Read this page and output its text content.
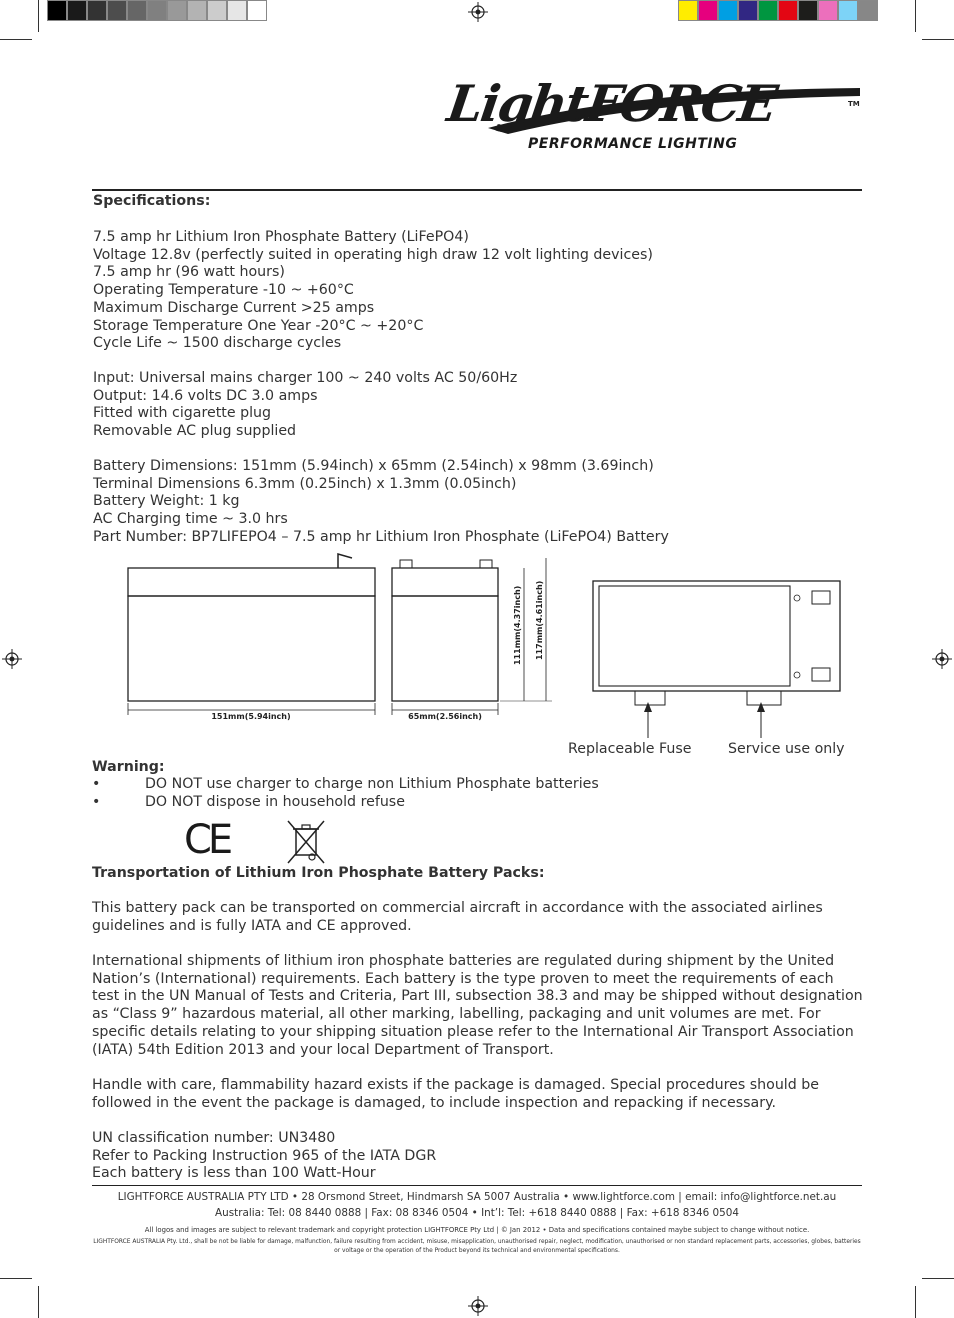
LightFORCE	TM
PERFORMANCE LIGHTING
Specifications:
7.5 amp hr Lithium Iron Phosphate Battery (LiFePO4)
Voltage 12.8v (perfectly suited in operating high draw 12 volt lighting devices)
7.5 amp hr (96 watt hours)
Operating Temperature -10 ~ +60°C
Maximum Discharge Current >25 amps
Storage Temperature One Year -20°C ~ +20°C
Cycle Life ~ 1500 discharge cycles
Input: Universal mains charger 100 ~ 240 volts AC 50/60Hz
Output: 14.6 volts DC 3.0 amps
Fitted with cigarette plug
Removable AC plug supplied
Battery Dimensions: 151mm (5.94inch) x 65mm (2.54inch) x 98mm (3.69inch)
Terminal Dimensions 6.3mm (0.25inch) x 1.3mm (0.05inch)
Battery Weight: 1 kg
AC Charging time ~ 3.0 hrs
Part Number: BP7LIFEPO4 – 7.5 amp hr Lithium Iron Phosphate (LiFePO4) Battery
151mm(5.94inch)	65mm(2.56inch)
111mm(4.37inch) 117mm(4.61inch)
Replaceable Fuse	Service use only
Warning:
•	DO NOT use charger to charge non Lithium Phosphate batteries
•	DO NOT dispose in household refuse
CE
Transportation of Lithium Iron Phosphate Battery Packs:
This battery pack can be transported on commercial aircraft in accordance with the associated airlines guidelines and is fully IATA and CE approved.
International shipments of lithium iron phosphate batteries are regulated during shipment by the United Nation’s (International) requirements. Each battery is the type proven to meet the requirements of each test in the UN Manual of Tests and Criteria, Part III, subsection 38.3 and may be shipped without designation as “Class 9” hazardous material, all other marking, labelling, packaging and unit volumes are met. For specific details relating to your shipping situation please refer to the International Air Transport Association (IATA) 54th Edition 2013 and your local Department of Transport.
Handle with care, flammability hazard exists if the package is damaged. Special procedures should be followed in the event the package is damaged, to include inspection and repacking if necessary.
UN classification number: UN3480
Refer to Packing Instruction 965 of the IATA DGR
Each battery is less than 100 Watt-Hour
LIGHTFORCE AUSTRALIA PTY LTD • 28 Orsmond Street, Hindmarsh SA 5007 Australia • www.lightforce.com | email: info@lightforce.net.au
Australia: Tel: 08 8440 0888 | Fax: 08 8346 0504 • Int’l: Tel: +618 8440 0888 | Fax: +618 8346 0504
All logos and images are subject to relevant trademark and copyright protection LIGHTFORCE Pty Ltd | © Jan 2012 • Data and specifications contained maybe subject to change without notice.
LIGHTFORCE AUSTRALIA Pty. Ltd., shall be not be liable for damage, malfunction, failure resulting from accident, misuse, misapplication, unauthorised repair, neglect, modification, unauthorised or non standard replacement parts, accessories, globes, batteries or voltage or the operation of the Product beyond its technical and environmental specifications.
